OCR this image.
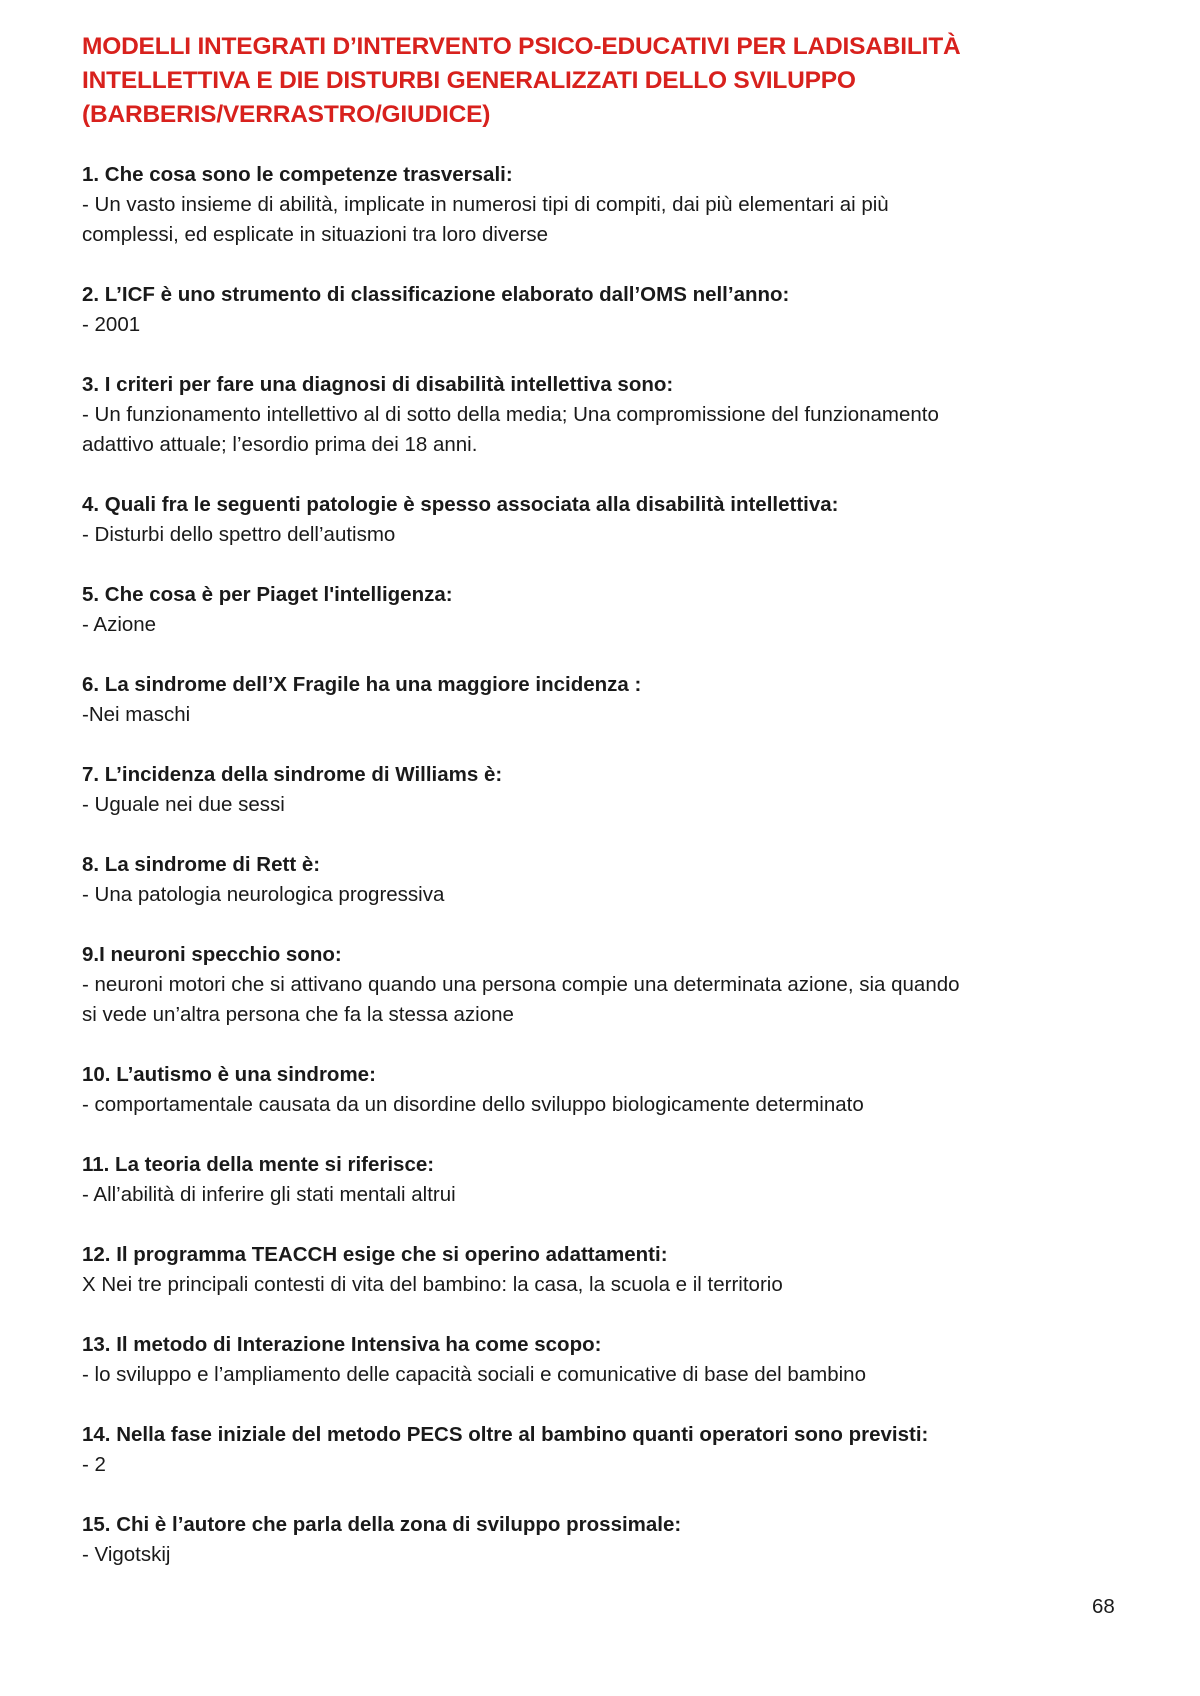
MODELLI INTEGRATI D’INTERVENTO PSICO-EDUCATIVI PER LADISABILITÀ
INTELLETTIVA E DIE DISTURBI GENERALIZZATI DELLO SVILUPPO
(BARBERIS/VERRASTRO/GIUDICE)

1. Che cosa sono le competenze trasversali:

- Un vasto insieme di abilità, implicate in numerosi tipi di compiti, dai più elementari ai più
complessi, ed esplicate in situazioni tra loro diverse

2. L’ICF è uno strumento di classificazione elaborato dall’OMS nell’anno:

- 2001

3. I criteri per fare una diagnosi di disabilità intellettiva sono:

- Un funzionamento intellettivo al di sotto della media; Una compromissione del funzionamento
adattivo attuale; l’esordio prima dei 18 anni.

4. Quali fra le seguenti patologie è spesso associata alla disabilità intellettiva:

- Disturbi dello spettro dell’autismo

5. Che cosa è per Piaget l'intelligenza:

- Azione

6. La sindrome dell’X Fragile ha una maggiore incidenza :

-Nei maschi

7. L’incidenza della sindrome di Williams è:

- Uguale nei due sessi

8. La sindrome di Rett è:

- Una patologia neurologica progressiva

9.I neuroni specchio sono:

- neuroni motori che si attivano quando una persona compie una determinata azione, sia quando
si vede un’altra persona che fa la stessa azione

10. L’autismo è una sindrome:

- comportamentale causata da un disordine dello sviluppo biologicamente determinato

11. La teoria della mente si riferisce:

- All’abilità di inferire gli stati mentali altrui

12. Il programma TEACCH esige che si operino adattamenti:

X Nei tre principali contesti di vita del bambino: la casa, la scuola e il territorio

13. Il metodo di Interazione Intensiva ha come scopo:

- lo sviluppo e l’ampliamento delle capacità sociali e comunicative di base del bambino

14. Nella fase iniziale del metodo PECS oltre al bambino quanti operatori sono previsti:

- 2

15. Chi è l’autore che parla della zona di sviluppo prossimale:

- Vigotskij

68
